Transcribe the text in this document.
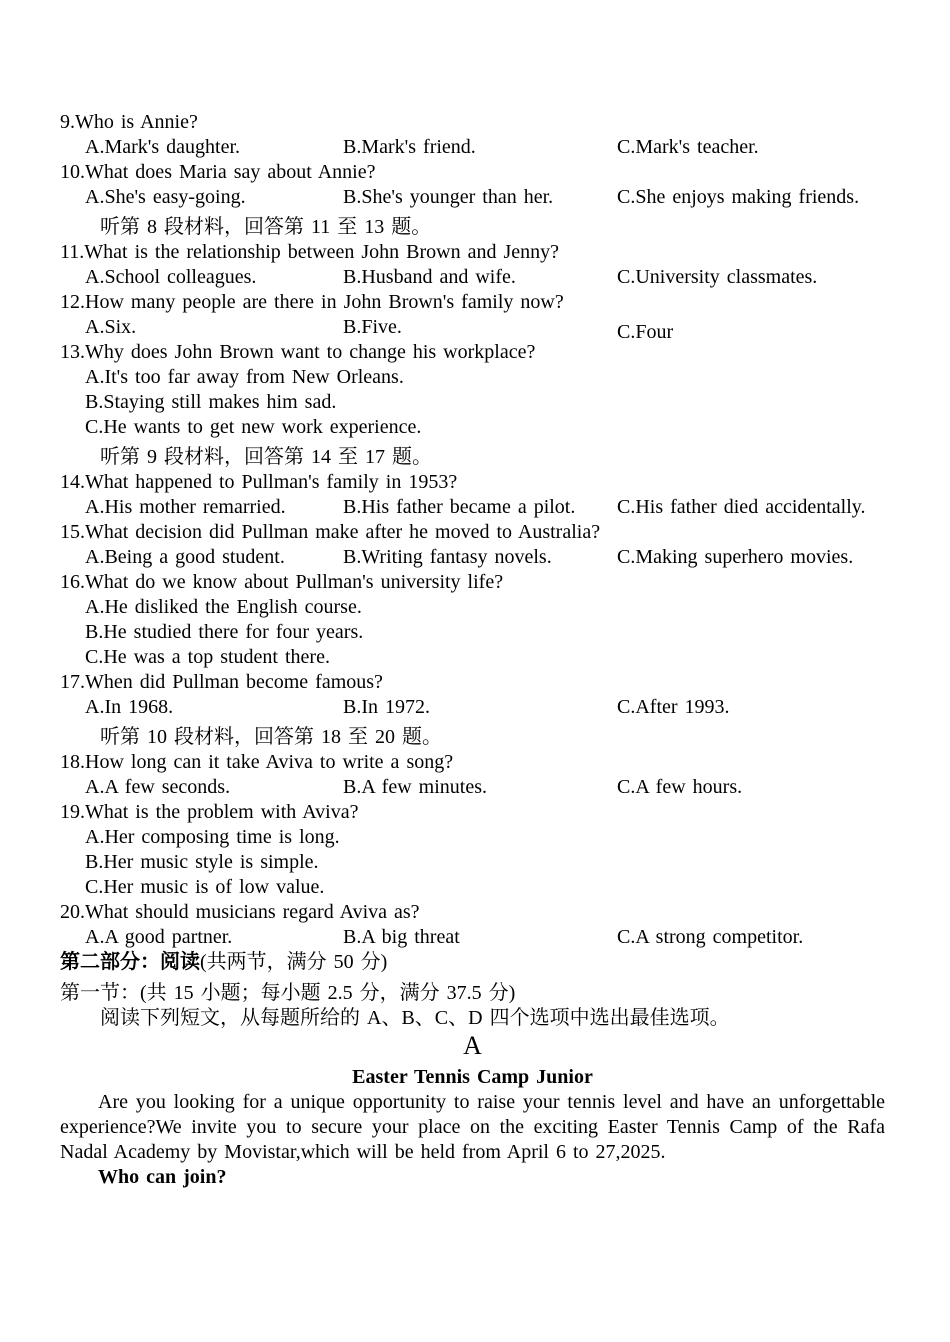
9.Who is Annie?
A.Mark's daughter.	B.Mark's friend.	C.Mark's teacher.
10.What does Maria say about Annie?
A.She's easy-going.	B.She's younger than her.	C.She enjoys making friends.
听第 8 段材料，回答第 11 至 13 题。
11.What is the relationship between John Brown and Jenny?
A.School colleagues.	B.Husband and wife.	C.University classmates.
12.How many people are there in John Brown's family now?
A.Six.	B.Five.	C.Four
13.Why does John Brown want to change his workplace?
A.It's too far away from New Orleans.
B.Staying still makes him sad.
C.He wants to get new work experience.
听第 9 段材料，回答第 14 至 17 题。
14.What happened to Pullman's family in 1953?
A.His mother remarried.	B.His father became a pilot.	C.His father died accidentally.
15.What decision did Pullman make after he moved to Australia?
A.Being a good student.	B.Writing fantasy novels.	C.Making superhero movies.
16.What do we know about Pullman's university life?
A.He disliked the English course.
B.He studied there for four years.
C.He was a top student there.
17.When did Pullman become famous?
A.In 1968.	B.In 1972.	C.After 1993.
听第 10 段材料，回答第 18 至 20 题。
18.How long can it take Aviva to write a song?
A.A few seconds.	B.A few minutes.	C.A few hours.
19.What is the problem with Aviva?
A.Her composing time is long.
B.Her music style is simple.
C.Her music is of low value.
20.What should musicians regard Aviva as?
A.A good partner.	B.A big threat	C.A strong competitor.
第二部分：阅读(共两节，满分 50 分)
第一节：(共 15 小题；每小题 2.5 分，满分 37.5 分)
阅读下列短文，从每题所给的 A、B、C、D 四个选项中选出最佳选项。
A
Easter Tennis Camp Junior
Are you looking for a unique opportunity to raise your tennis level and have an unforgettable experience?We invite you to secure your place on the exciting Easter Tennis Camp of the Rafa Nadal Academy by Movistar,which will be held from April 6 to 27,2025.
Who can join?
